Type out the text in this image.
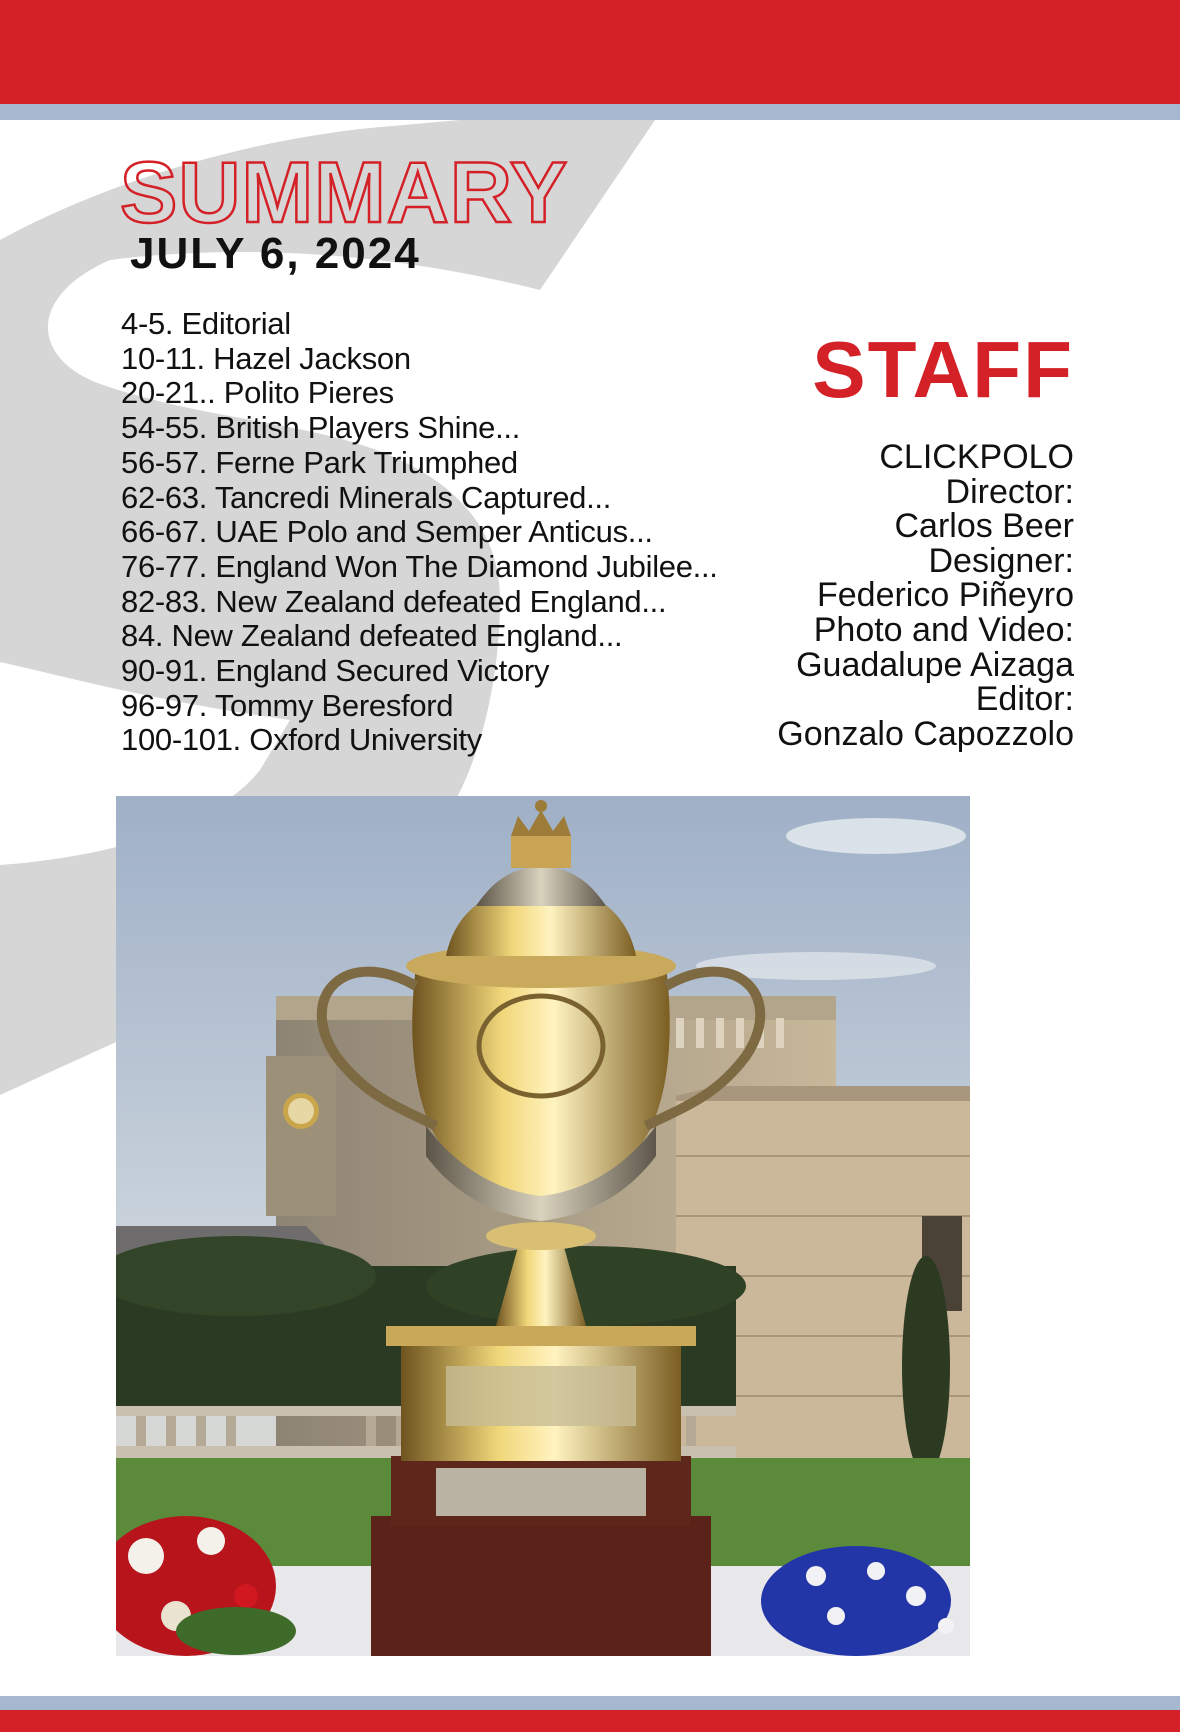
SUMMARY
JULY 6, 2024
4-5. Editorial
10-11. Hazel Jackson
20-21.. Polito Pieres
54-55. British Players Shine...
56-57. Ferne Park Triumphed
62-63. Tancredi Minerals Captured...
66-67. UAE Polo and Semper Anticus...
76-77. England Won The Diamond Jubilee...
82-83. New Zealand defeated England...
84. New Zealand defeated England...
90-91. England Secured Victory
96-97. Tommy Beresford
100-101. Oxford University
STAFF
CLICKPOLO
Director:
Carlos Beer
Designer:
Federico Piñeyro
Photo and Video:
Guadalupe Aizaga
Editor:
Gonzalo Capozzolo
